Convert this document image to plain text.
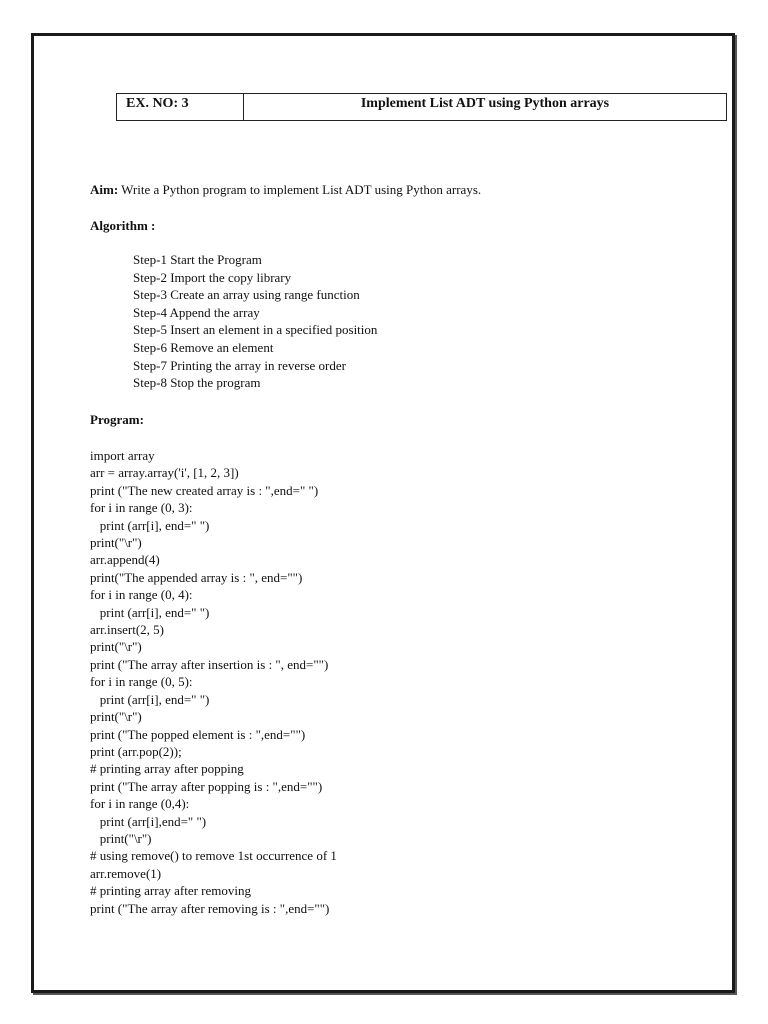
EX. NO: 3	Implement List ADT using Python arrays
Aim: Write a Python program to implement List ADT using Python arrays.
Algorithm :
Step-1 Start the Program
Step-2 Import the copy library
Step-3 Create an array using range function
Step-4 Append the array
Step-5 Insert an element in a specified position
Step-6 Remove an element
Step-7 Printing the array in reverse order
Step-8 Stop the program
Program:
import array
arr = array.array('i', [1, 2, 3])
print ("The new created array is : ",end=" ")
for i in range (0, 3):
print (arr[i], end=" ")
print("\r")
arr.append(4)
print("The appended array is : ", end="")
for i in range (0, 4):
print (arr[i], end=" ")
arr.insert(2, 5)
print("\r")
print ("The array after insertion is : ", end="")
for i in range (0, 5):
print (arr[i], end=" ")
print("\r")
print ("The popped element is : ",end="")
print (arr.pop(2));
# printing array after popping
print ("The array after popping is : ",end="")
for i in range (0,4):
print (arr[i],end=" ")
print("\r")
# using remove() to remove 1st occurrence of 1
arr.remove(1)
# printing array after removing
print ("The array after removing is : ",end="")
